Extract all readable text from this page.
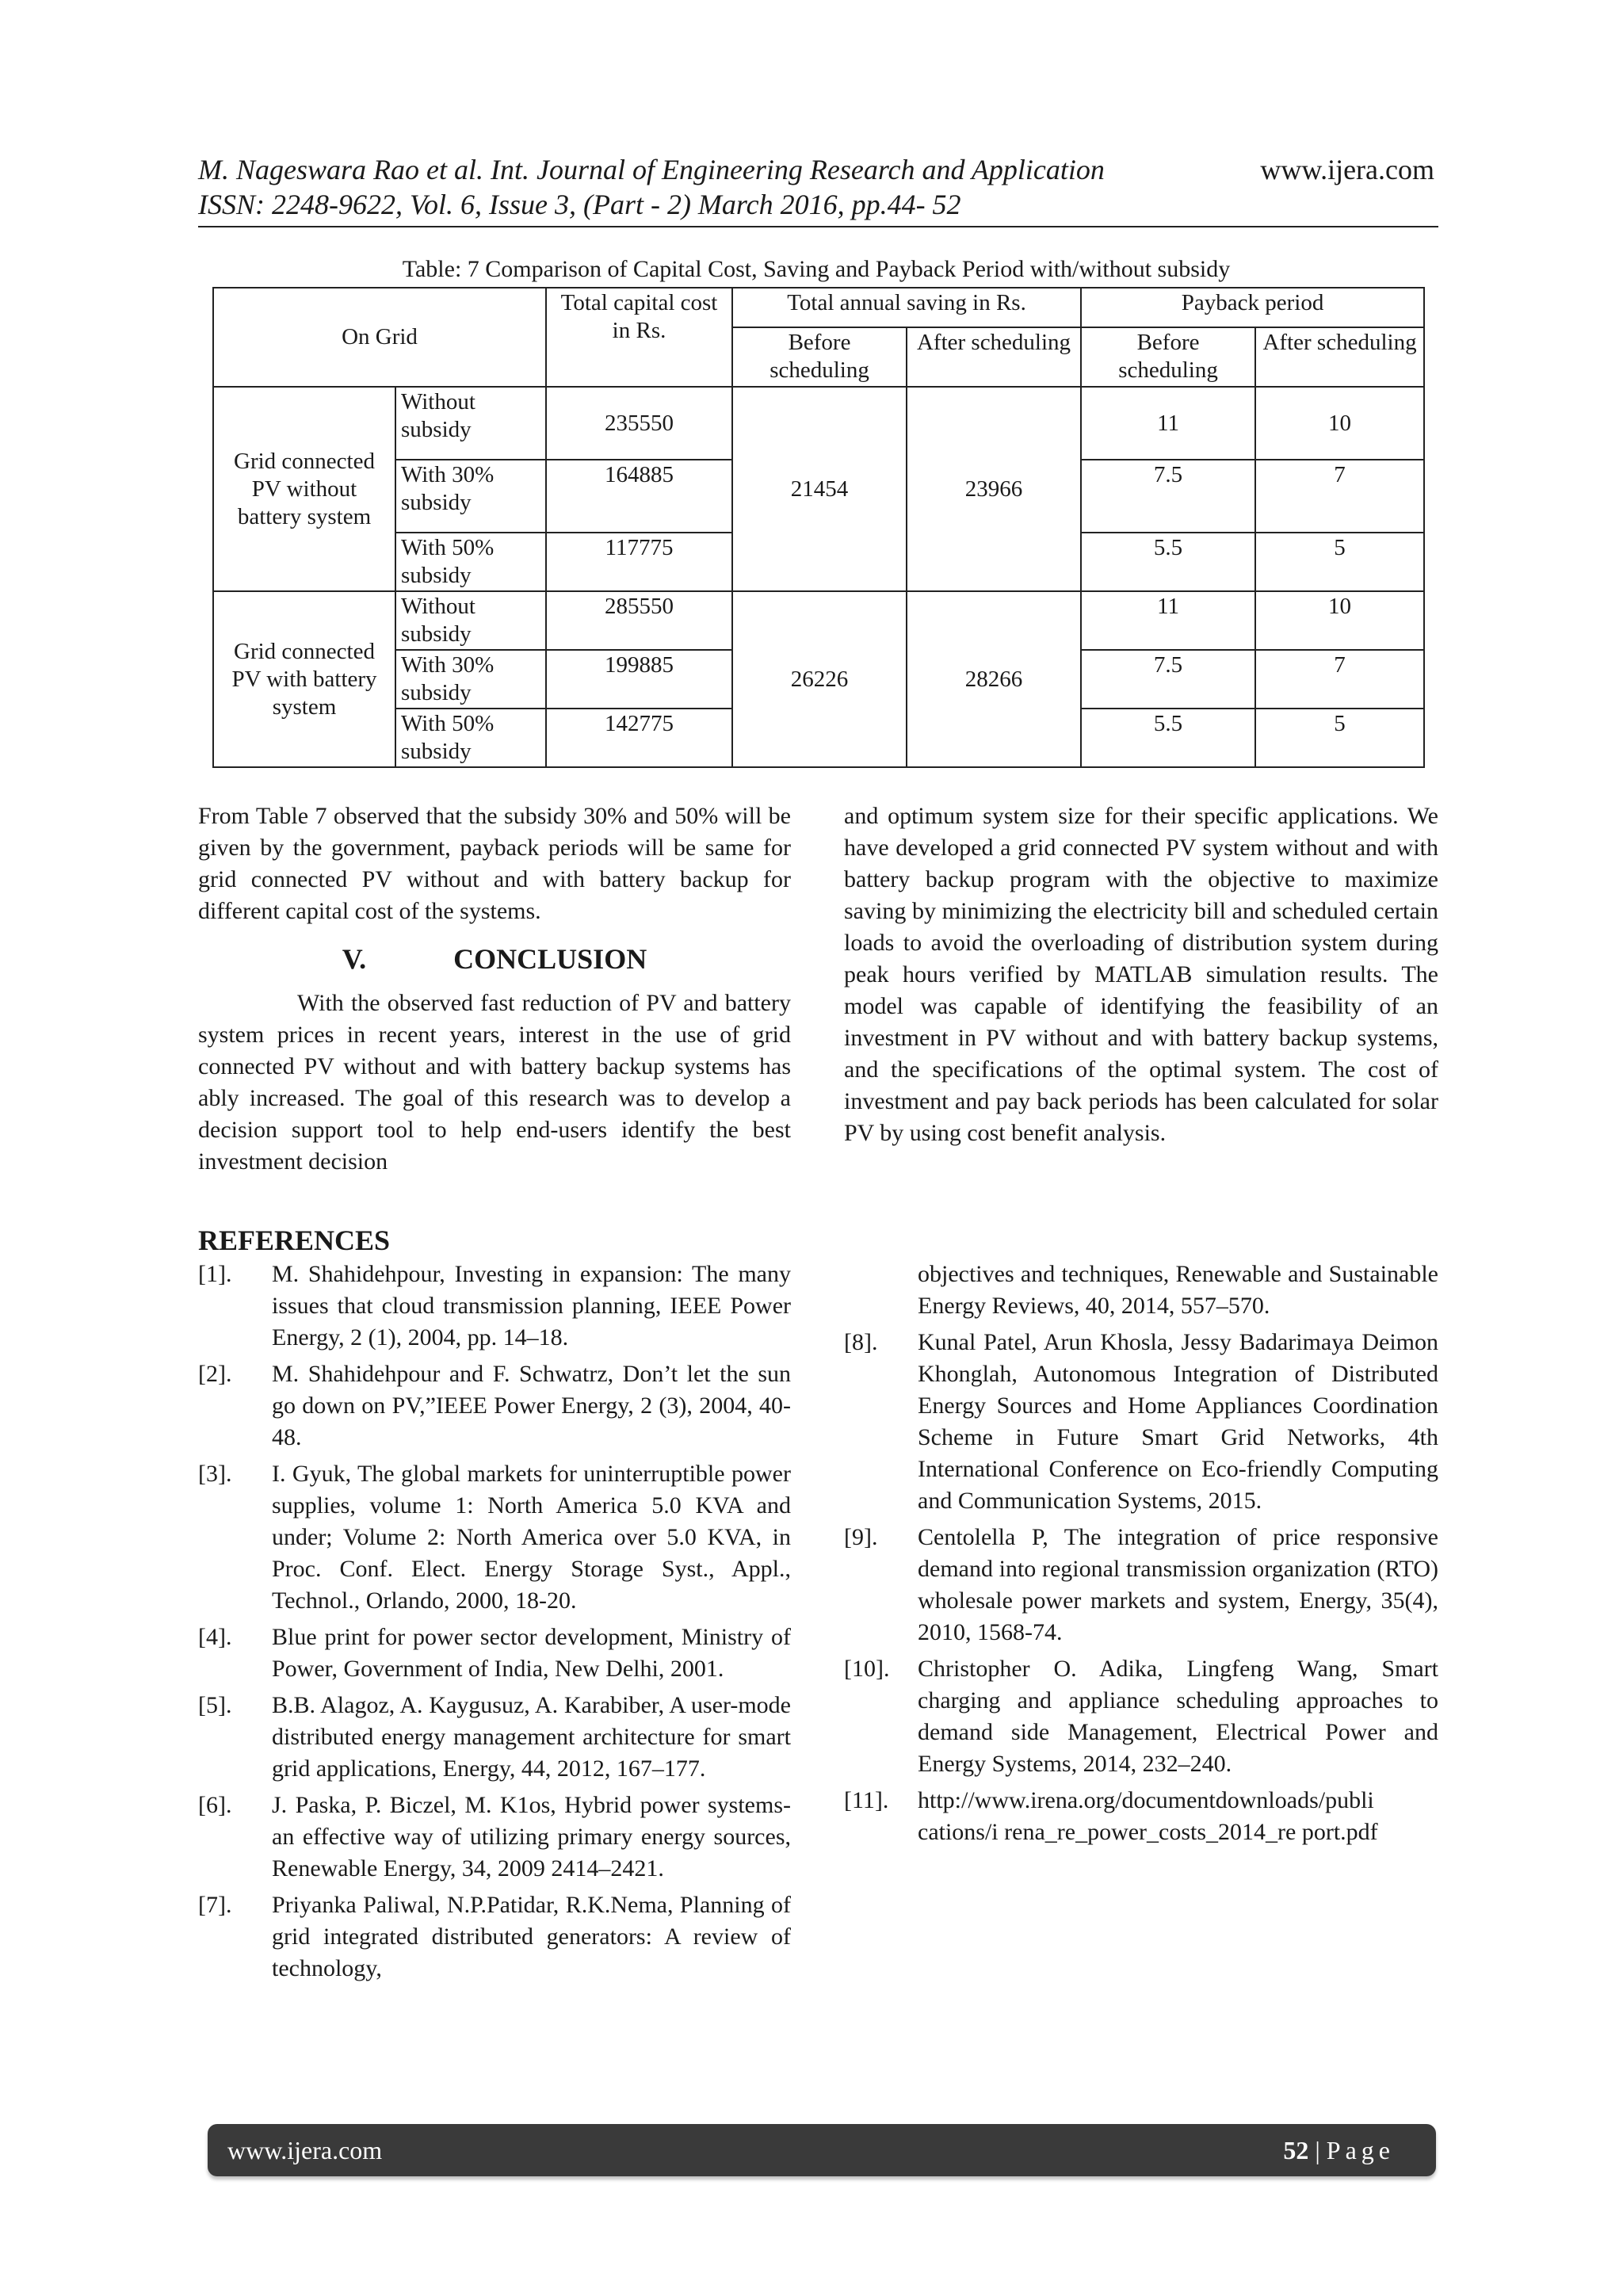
M. Nageswara Rao et al. Int. Journal of Engineering Research and Application	www.ijera.com
ISSN: 2248-9622, Vol. 6, Issue 3, (Part - 2) March 2016, pp.44- 52
Table: 7 Comparison of Capital Cost, Saving and Payback Period with/without subsidy
On Grid		Total capital cost in Rs.	Total annual saving in Rs.		Payback period	
			Before scheduling	After scheduling	Before scheduling	After scheduling
Grid connected PV without battery system	Without subsidy	235550	21454	23966	11	10
	With 30% subsidy	164885			7.5	7
	With 50% subsidy	117775			5.5	5
Grid connected PV with battery system	Without subsidy	285550	26226	28266	11	10
	With 30% subsidy	199885			7.5	7
	With 50% subsidy	142775			5.5	5

From Table 7 observed that the subsidy 30% and 50% will be given by the government, payback periods will be same for grid connected PV without and with battery backup for different capital cost of the systems.

V.	CONCLUSION

With the observed fast reduction of PV and battery system prices in recent years, interest in the use of grid connected PV without and with battery backup systems has ably increased. The goal of this research was to develop a decision support tool to help end-users identify the best investment decision

and optimum system size for their specific applications. We have developed a grid connected PV system without and with battery backup program with the objective to maximize saving by minimizing the electricity bill and scheduled certain loads to avoid the overloading of distribution system during peak hours verified by MATLAB simulation results. The model was capable of identifying the feasibility of an investment in PV without and with battery backup systems, and the specifications of the optimal system. The cost of investment and pay back periods has been calculated for solar PV by using cost benefit analysis.

REFERENCES
[1].	M. Shahidehpour, Investing in expansion: The many issues that cloud transmission planning, IEEE Power Energy, 2 (1), 2004, pp. 14–18.
[2].	M. Shahidehpour and F. Schwatrz, Don’t let the sun go down on PV,”IEEE Power Energy, 2 (3), 2004, 40-48.
[3].	I. Gyuk, The global markets for uninterruptible power supplies, volume 1: North America 5.0 KVA and under; Volume 2: North America over 5.0 KVA, in Proc. Conf. Elect. Energy Storage Syst., Appl., Technol., Orlando, 2000, 18-20.
[4].	Blue print for power sector development, Ministry of Power, Government of India, New Delhi, 2001.
[5].	B.B. Alagoz, A. Kaygusuz, A. Karabiber, A user-mode distributed energy management architecture for smart grid applications, Energy, 44, 2012, 167–177.
[6].	J. Paska, P. Biczel, M. K1os, Hybrid power systems-an effective way of utilizing primary energy sources, Renewable Energy, 34, 2009 2414–2421.
[7].	Priyanka Paliwal, N.P.Patidar, R.K.Nema, Planning of grid integrated distributed generators: A review of technology,
objectives and techniques, Renewable and Sustainable Energy Reviews, 40, 2014, 557–570.
[8].	Kunal Patel, Arun Khosla, Jessy Badarimaya Deimon Khonglah, Autonomous Integration of Distributed Energy Sources and Home Appliances Coordination Scheme in Future Smart Grid Networks, 4th International Conference on Eco-friendly Computing and Communication Systems, 2015.
[9].	Centolella P, The integration of price responsive demand into regional transmission organization (RTO) wholesale power markets and system, Energy, 35(4), 2010, 1568-74.
[10].	Christopher O. Adika, Lingfeng Wang, Smart charging and appliance scheduling approaches to demand side Management, Electrical Power and Energy Systems, 2014, 232–240.
[11].	http://www.irena.org/documentdownloads/publi cations/i rena_re_power_costs_2014_re port.pdf
www.ijera.com	52 | Page
